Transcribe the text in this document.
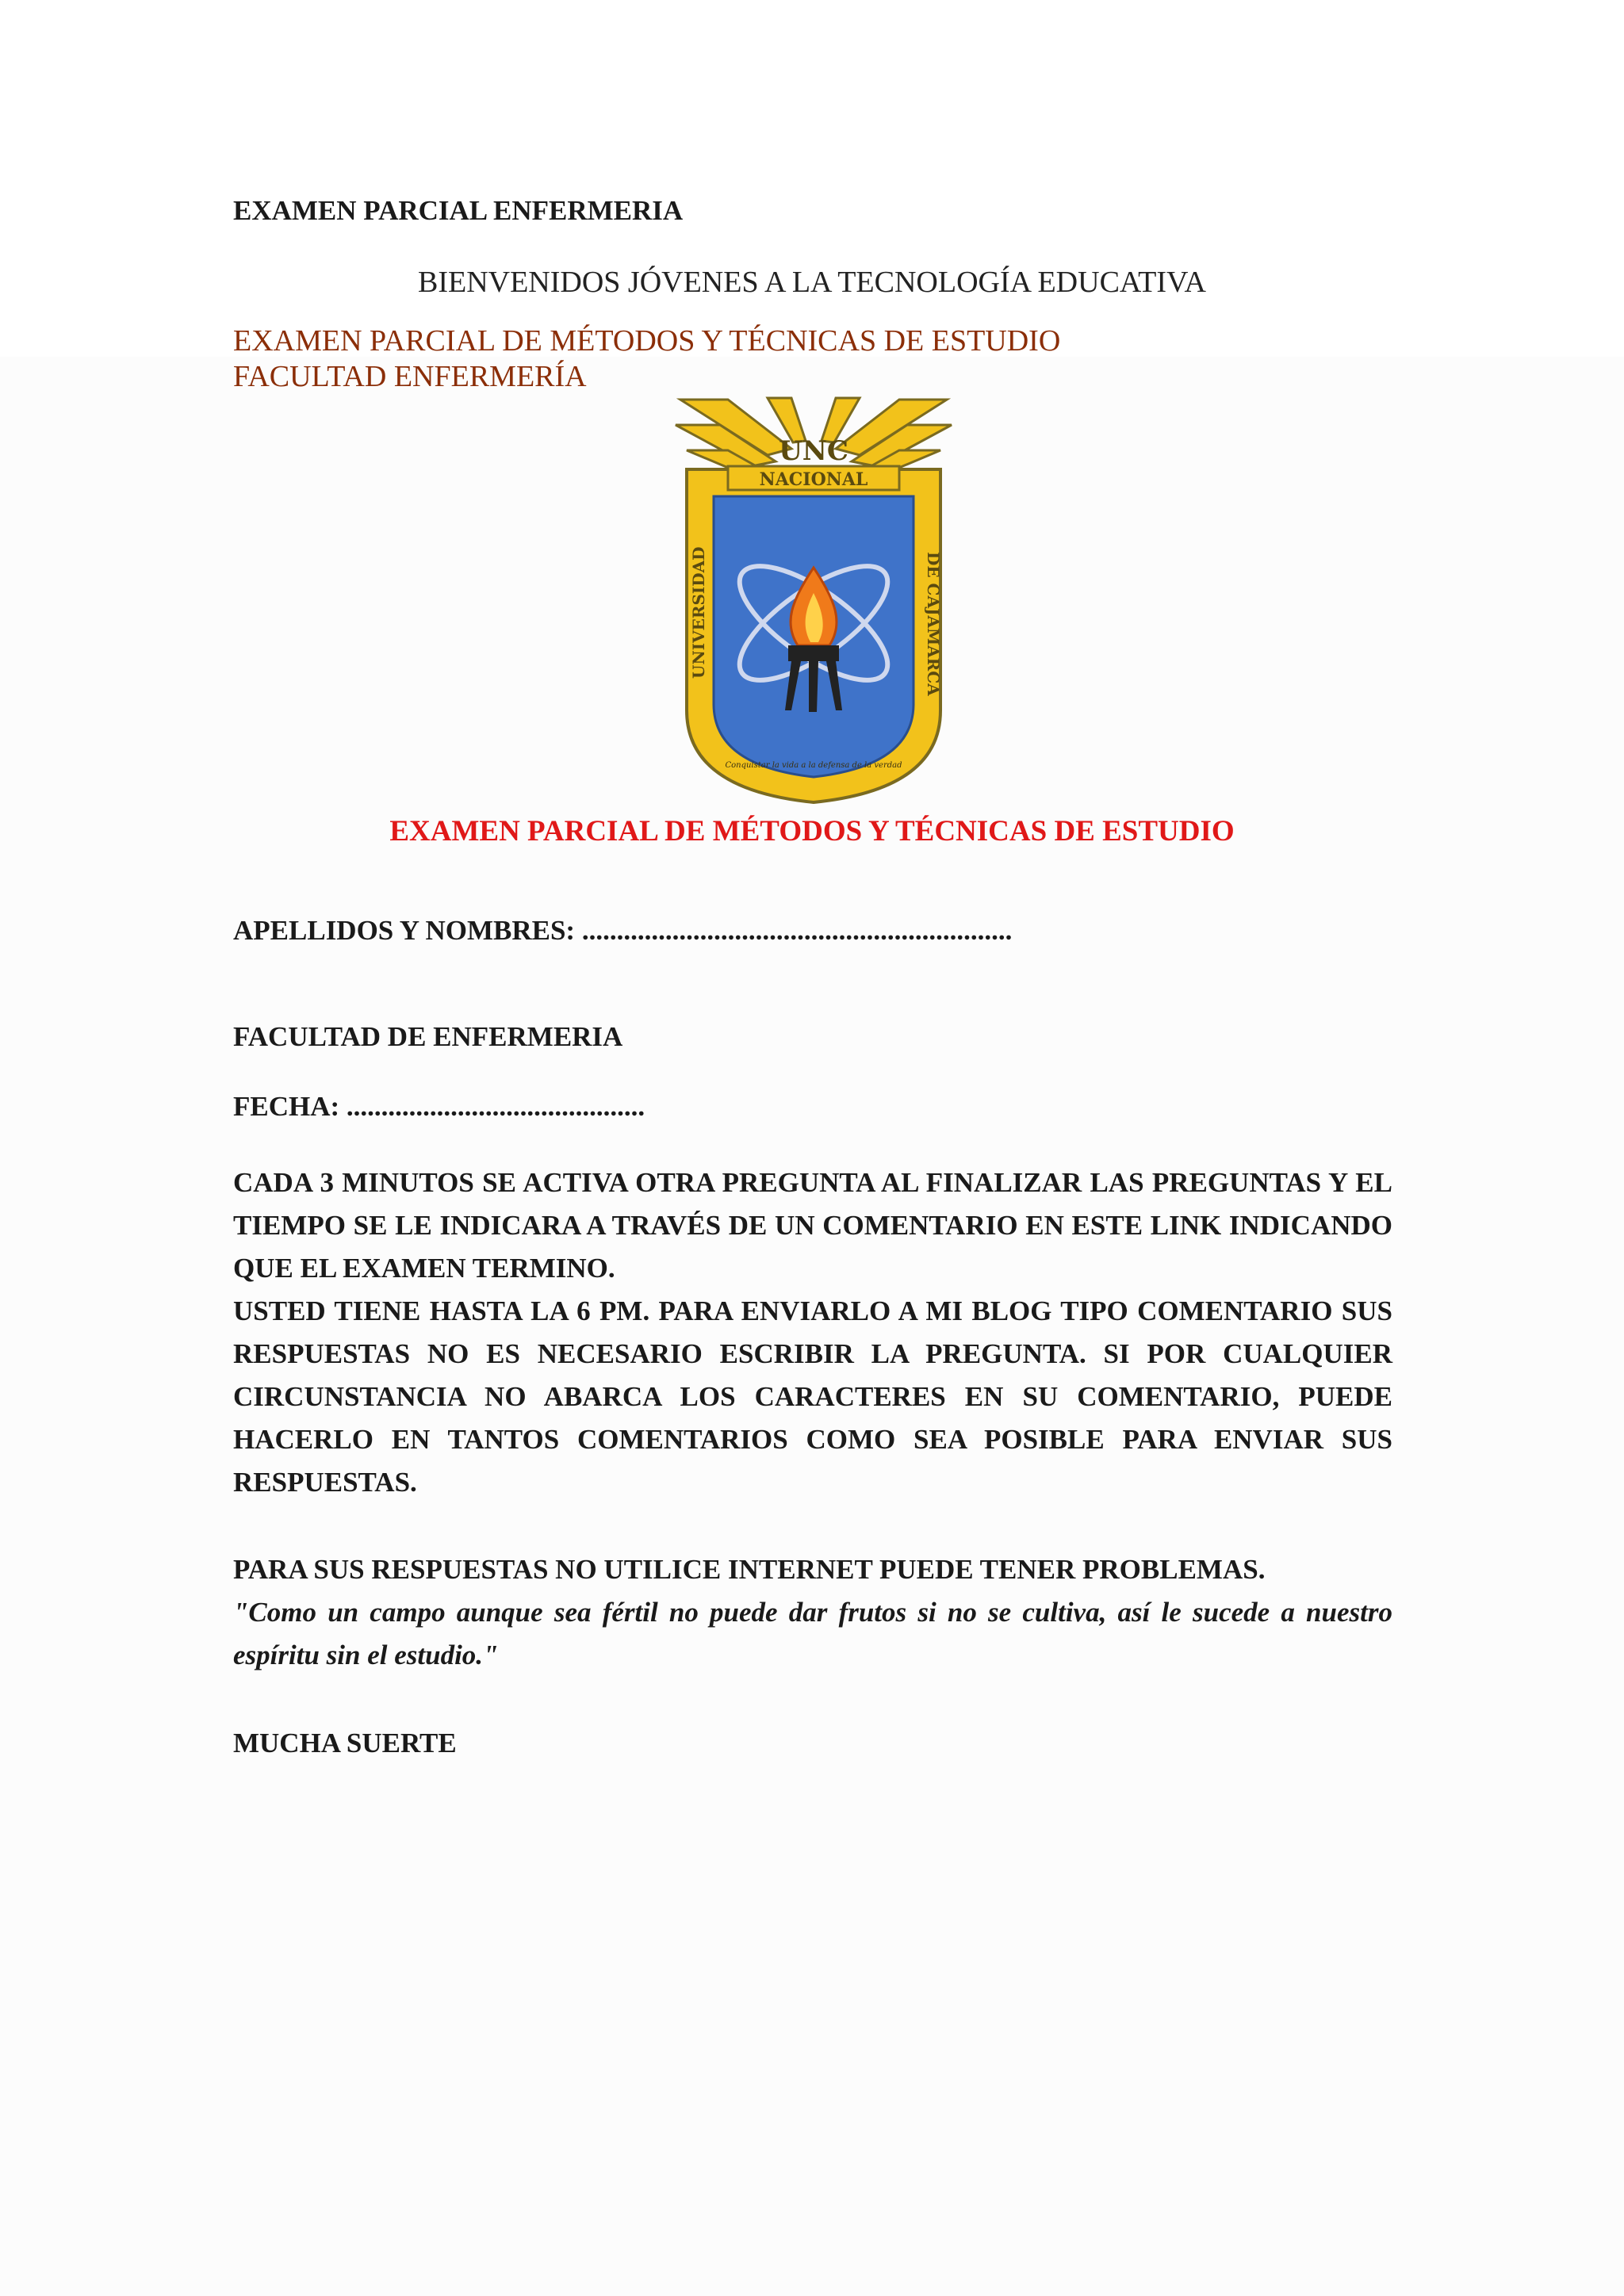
EXAMEN PARCIAL ENFERMERIA
BIENVENIDOS JÓVENES A LA TECNOLOGÍA EDUCATIVA
EXAMEN PARCIAL DE MÉTODOS Y TÉCNICAS DE ESTUDIO
FACULTAD ENFERMERÍA
NACIONAL
UNC
UNIVERSIDAD	DE CAJAMARCA
Conquistar la vida a la defensa de la verdad
EXAMEN PARCIAL DE MÉTODOS Y TÉCNICAS DE ESTUDIO
APELLIDOS Y NOMBRES: ..............................................................
FACULTAD DE ENFERMERIA
FECHA: ...........................................

CADA 3 MINUTOS SE ACTIVA OTRA PREGUNTA AL FINALIZAR LAS PREGUNTAS Y EL TIEMPO SE LE INDICARA A TRAVÉS DE UN COMENTARIO EN ESTE LINK INDICANDO QUE EL EXAMEN TERMINO.

USTED TIENE HASTA LA 6 PM. PARA ENVIARLO A MI BLOG TIPO COMENTARIO SUS RESPUESTAS NO ES NECESARIO ESCRIBIR LA PREGUNTA. SI POR CUALQUIER CIRCUNSTANCIA NO ABARCA LOS CARACTERES EN SU COMENTARIO, PUEDE HACERLO EN TANTOS COMENTARIOS COMO SEA POSIBLE PARA ENVIAR SUS RESPUESTAS.

PARA SUS RESPUESTAS NO UTILICE INTERNET PUEDE TENER PROBLEMAS.
"Como un campo aunque sea fértil no puede dar frutos si no se cultiva, así le sucede a nuestro espíritu sin el estudio."
MUCHA SUERTE
